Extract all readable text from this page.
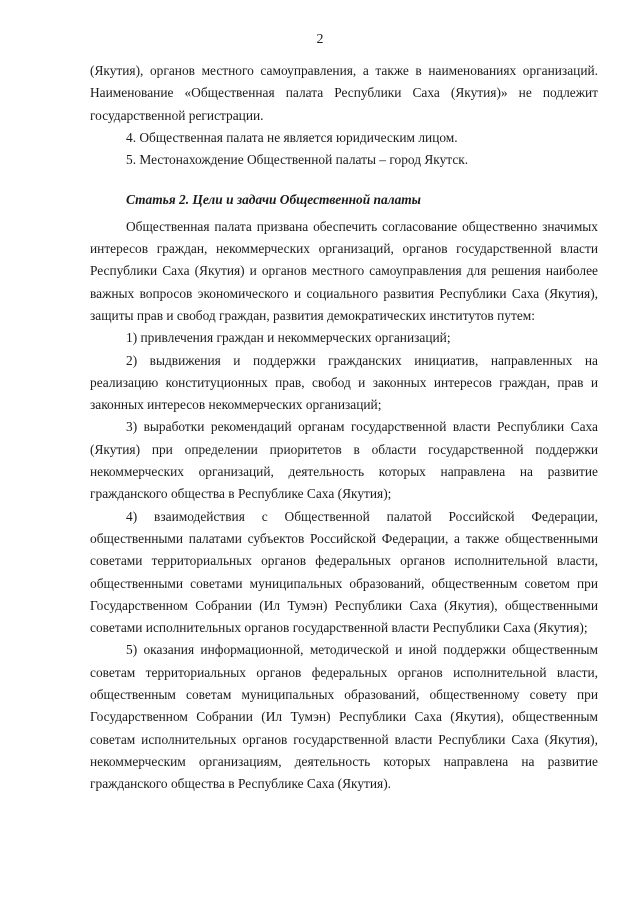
2

(Якутия), органов местного самоуправления, а также в наименованиях организаций. Наименование «Общественная палата Республики Саха (Якутия)» не подлежит государственной регистрации.

4. Общественная палата не является юридическим лицом.

5. Местонахождение Общественной палаты – город Якутск.

Статья 2. Цели и задачи Общественной палаты

Общественная палата призвана обеспечить согласование общественно значимых интересов граждан, некоммерческих организаций, органов государственной власти Республики Саха (Якутия) и органов местного самоуправления для решения наиболее важных вопросов экономического и социального развития Республики Саха (Якутия), защиты прав и свобод граждан, развития демократических институтов путем:

1) привлечения граждан и некоммерческих организаций;

2) выдвижения и поддержки гражданских инициатив, направленных на реализацию конституционных прав, свобод и законных интересов граждан, прав и законных интересов некоммерческих организаций;

3) выработки рекомендаций органам государственной власти Республики Саха (Якутия) при определении приоритетов в области государственной поддержки некоммерческих организаций, деятельность которых направлена на развитие гражданского общества в Республике Саха (Якутия);

4) взаимодействия с Общественной палатой Российской Федерации, общественными палатами субъектов Российской Федерации, а также общественными советами территориальных органов федеральных органов исполнительной власти, общественными советами муниципальных образований, общественным советом при Государственном Собрании (Ил Тумэн) Республики Саха (Якутия), общественными советами исполнительных органов государственной власти Республики Саха (Якутия);

5) оказания информационной, методической и иной поддержки общественным советам территориальных органов федеральных органов исполнительной власти, общественным советам муниципальных образований, общественному совету при Государственном Собрании (Ил Тумэн) Республики Саха (Якутия), общественным советам исполнительных органов государственной власти Республики Саха (Якутия), некоммерческим организациям, деятельность которых направлена на развитие гражданского общества в Республике Саха (Якутия).
